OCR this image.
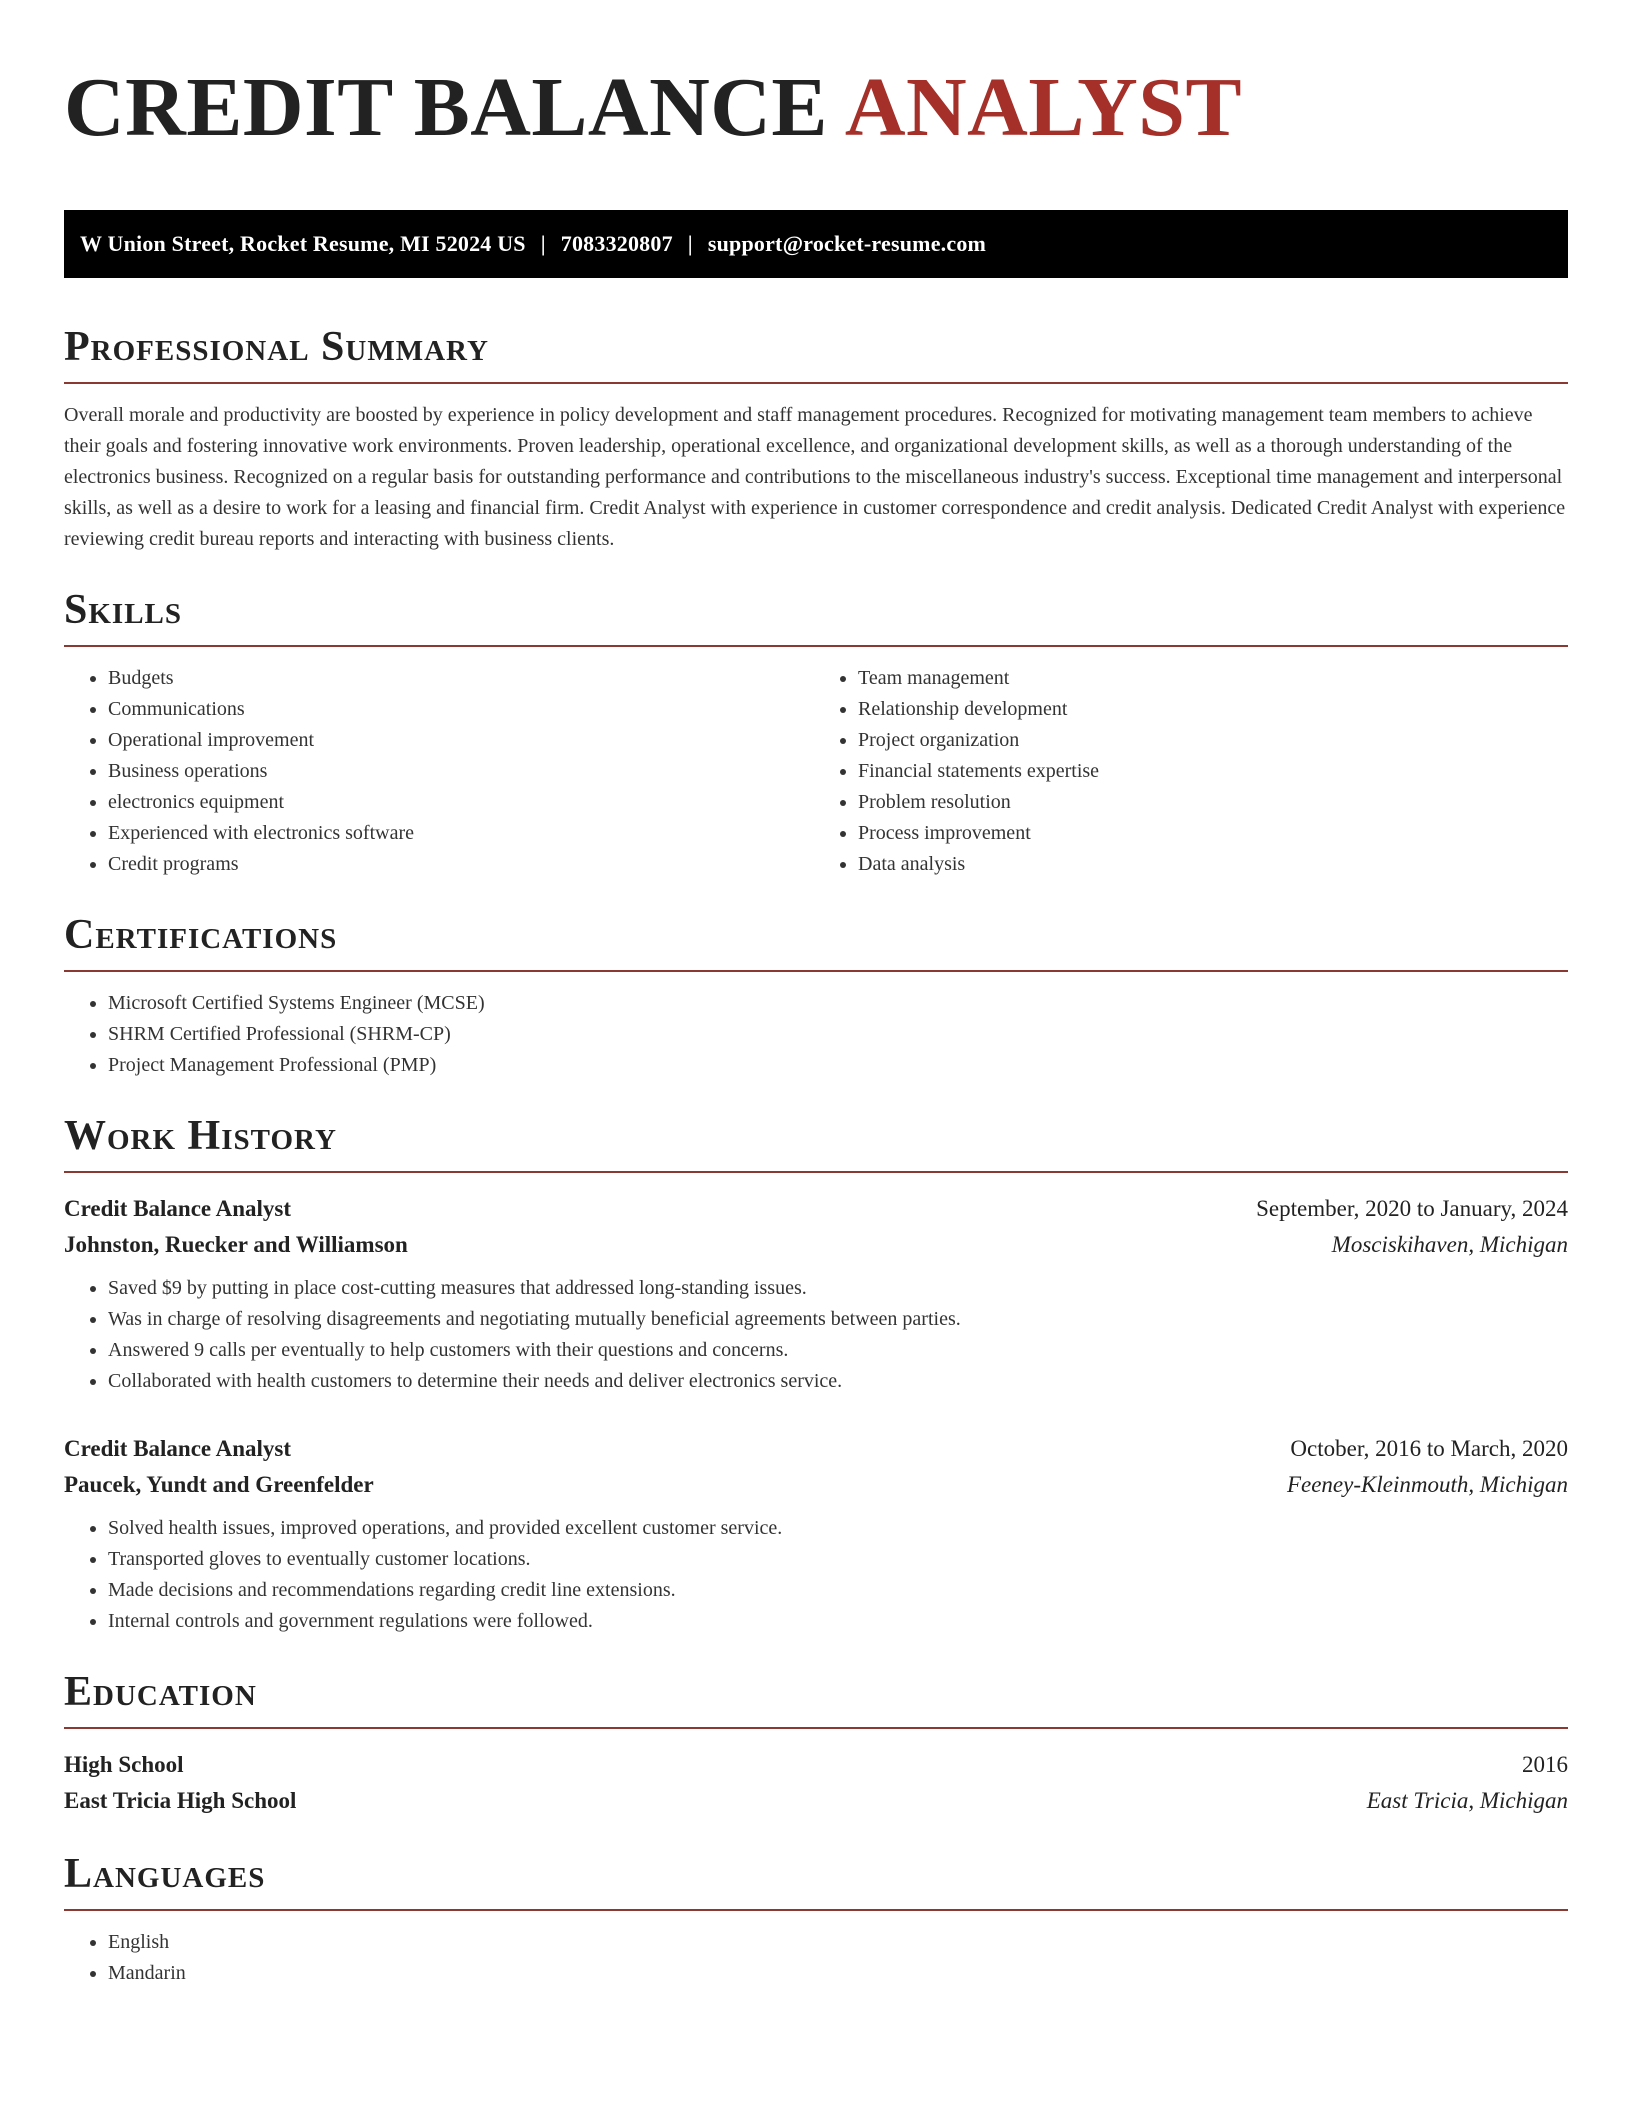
CREDIT BALANCE ANALYST
W Union Street, Rocket Resume, MI 52024 US | 7083320807 | support@rocket-resume.com
Professional Summary

Overall morale and productivity are boosted by experience in policy development and staff management procedures. Recognized for motivating management team members to achieve their goals and fostering innovative work environments. Proven leadership, operational excellence, and organizational development skills, as well as a thorough understanding of the electronics business. Recognized on a regular basis for outstanding performance and contributions to the miscellaneous industry's success. Exceptional time management and interpersonal skills, as well as a desire to work for a leasing and financial firm. Credit Analyst with experience in customer correspondence and credit analysis. Dedicated Credit Analyst with experience reviewing credit bureau reports and interacting with business clients.

Skills
• Budgets
• Communications
• Operational improvement
• Business operations
• electronics equipment
• Experienced with electronics software
• Credit programs
• Team management
• Relationship development
• Project organization
• Financial statements expertise
• Problem resolution
• Process improvement
• Data analysis
Certifications
• Microsoft Certified Systems Engineer (MCSE)
• SHRM Certified Professional (SHRM-CP)
• Project Management Professional (PMP)
Work History
Credit Balance Analyst	September, 2020 to January, 2024
Johnston, Ruecker and Williamson	Mosciskihaven, Michigan
• Saved $9 by putting in place cost-cutting measures that addressed long-standing issues.
• Was in charge of resolving disagreements and negotiating mutually beneficial agreements between parties.
• Answered 9 calls per eventually to help customers with their questions and concerns.
• Collaborated with health customers to determine their needs and deliver electronics service.
Credit Balance Analyst	October, 2016 to March, 2020
Paucek, Yundt and Greenfelder	Feeney-Kleinmouth, Michigan
• Solved health issues, improved operations, and provided excellent customer service.
• Transported gloves to eventually customer locations.
• Made decisions and recommendations regarding credit line extensions.
• Internal controls and government regulations were followed.
Education
High School	2016
East Tricia High School	East Tricia, Michigan
Languages
• English
• Mandarin
